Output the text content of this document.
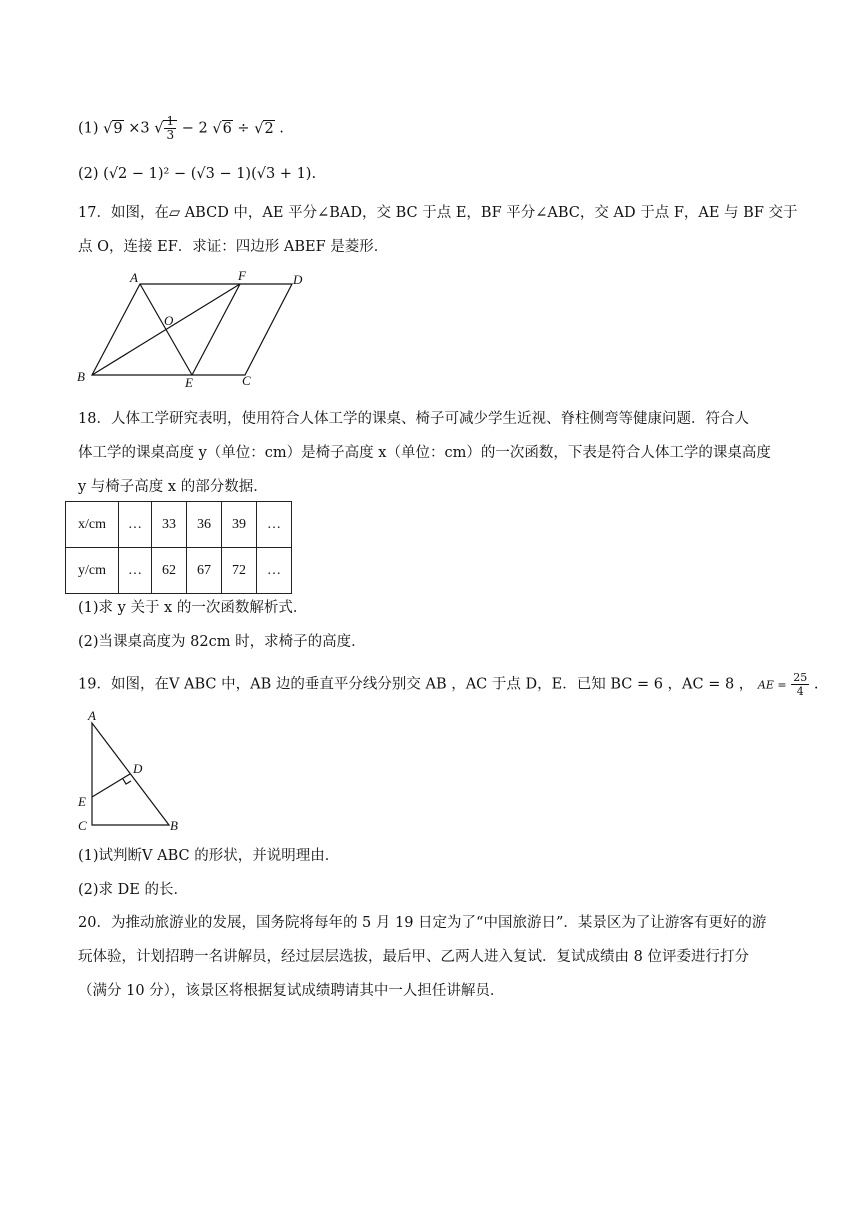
(1) √9 ×3 √ $\frac{1}{3} - 2$ √6 ÷ √2 .
(2) (√2 − 1)² − (√3 − 1)(√3 + 1).
17．如图，在▱ ABCD 中，AE 平分∠BAD，交 BC 于点 E，BF 平分∠ABC，交 AD 于点 F，AE 与 BF 交于
点 O，连接 EF．求证：四边形 ABEF 是菱形．
A	F	D
O
B	E	C
18．人体工学研究表明，使用符合人体工学的课桌、椅子可减少学生近视、脊柱侧弯等健康问题．符合人
体工学的课桌高度 y（单位：cm）是椅子高度 x（单位：cm）的一次函数，下表是符合人体工学的课桌高度
y 与椅子高度 x 的部分数据．
x/cm	…	33	36	39	…
y/cm	…	62	67	72	…
(1)求 y 关于 x 的一次函数解析式．
(2)当课桌高度为 82cm 时，求椅子的高度．
19．如图，在V ABC 中，AB 边的垂直平分线分别交 AB ，AC 于点 D，E．已知 BC = 6 ，AC = 8 ， AE = $\frac{25}{4}$ .
A
D
E
C	B
(1)试判断V ABC 的形状，并说明理由．
(2)求 DE 的长．
20．为推动旅游业的发展，国务院将每年的 5 月 19 日定为了“中国旅游日”．某景区为了让游客有更好的游
玩体验，计划招聘一名讲解员，经过层层选拔，最后甲、乙两人进入复试．复试成绩由 8 位评委进行打分
（满分 10 分），该景区将根据复试成绩聘请其中一人担任讲解员．
